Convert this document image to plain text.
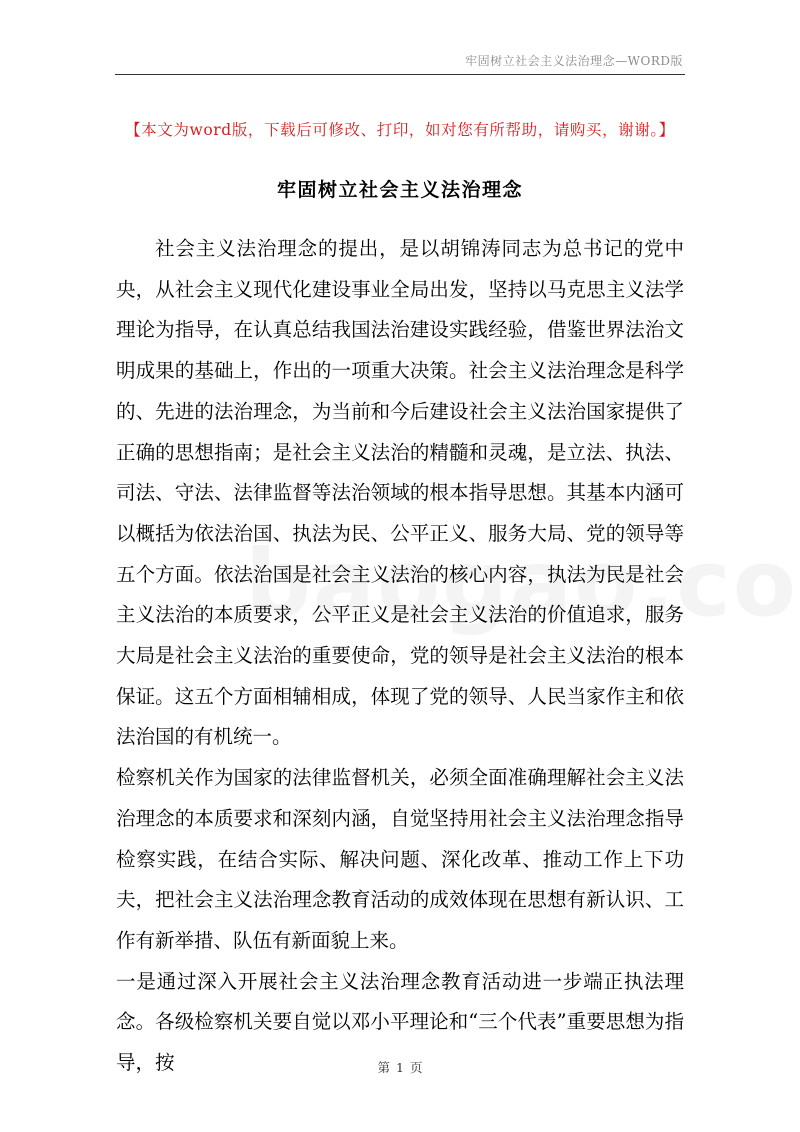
牢固树立社会主义法治理念—WORD版
【本文为word版，下载后可修改、打印，如对您有所帮助，请购买，谢谢。】
牢固树立社会主义法治理念

社会主义法治理念的提出，是以胡锦涛同志为总书记的党中央，从社会主义现代化建设事业全局出发，坚持以马克思主义法学理论为指导，在认真总结我国法治建设实践经验，借鉴世界法治文明成果的基础上，作出的一项重大决策。社会主义法治理念是科学的、先进的法治理念，为当前和今后建设社会主义法治国家提供了正确的思想指南；是社会主义法治的精髓和灵魂，是立法、执法、司法、守法、法律监督等法治领域的根本指导思想。其基本内涵可以概括为依法治国、执法为民、公平正义、服务大局、党的领导等五个方面。依法治国是社会主义法治的核心内容，执法为民是社会主义法治的本质要求，公平正义是社会主义法治的价值追求，服务大局是社会主义法治的重要使命，党的领导是社会主义法治的根本保证。这五个方面相辅相成，体现了党的领导、人民当家作主和依法治国的有机统一。

检察机关作为国家的法律监督机关，必须全面准确理解社会主义法治理念的本质要求和深刻内涵，自觉坚持用社会主义法治理念指导检察实践，在结合实际、解决问题、深化改革、推动工作上下功夫，把社会主义法治理念教育活动的成效体现在思想有新认识、工作有新举措、队伍有新面貌上来。

一是通过深入开展社会主义法治理念教育活动进一步端正执法理念。各级检察机关要自觉以邓小平理论和“三个代表”重要思想为指导，按	第 1 页
